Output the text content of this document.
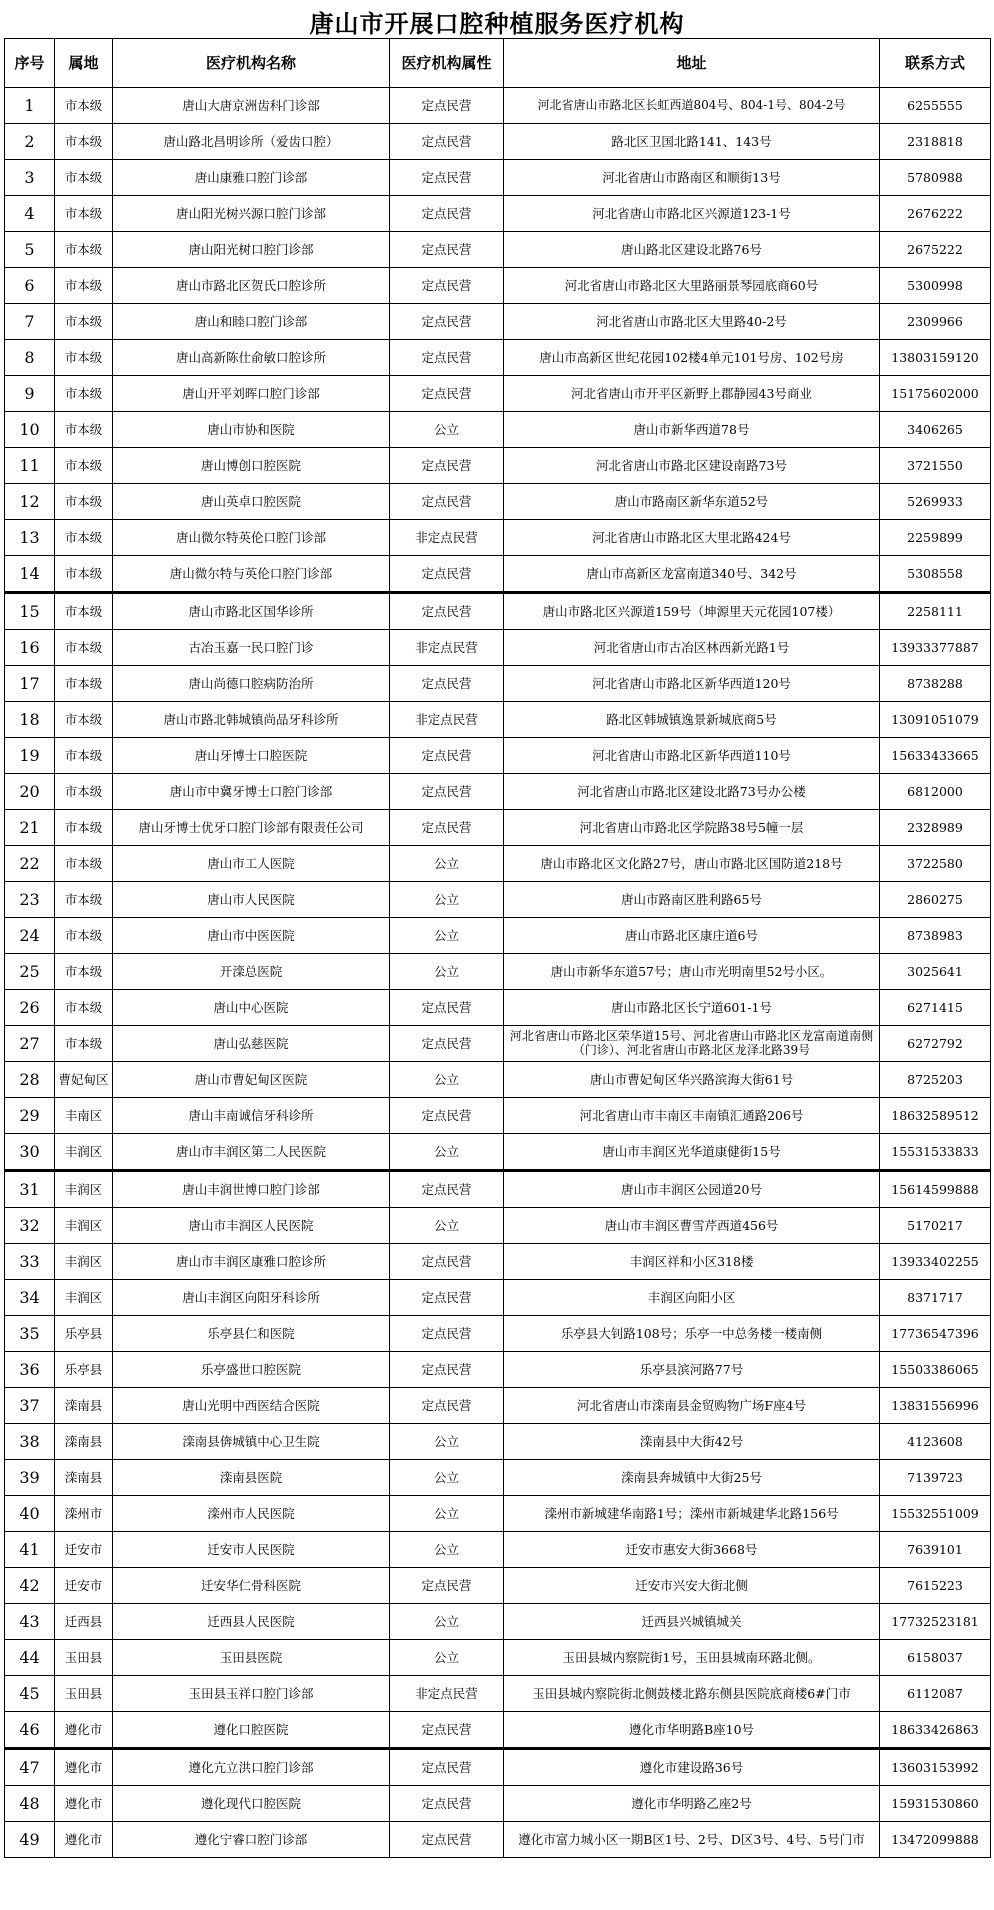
唐山市开展口腔种植服务医疗机构
序号	属地	医疗机构名称	医疗机构属性	地址	联系方式
1	市本级	唐山大唐京洲齿科门诊部	定点民营	河北省唐山市路北区长虹西道804号、804-1号、804-2号	6255555
2	市本级	唐山路北昌明诊所（爱齿口腔）	定点民营	路北区卫国北路141、143号	2318818
3	市本级	唐山康雅口腔门诊部	定点民营	河北省唐山市路南区和顺街13号	5780988
4	市本级	唐山阳光树兴源口腔门诊部	定点民营	河北省唐山市路北区兴源道123-1号	2676222
5	市本级	唐山阳光树口腔门诊部	定点民营	唐山路北区建设北路76号	2675222
6	市本级	唐山市路北区贺氏口腔诊所	定点民营	河北省唐山市路北区大里路丽景琴园底商60号	5300998
7	市本级	唐山和睦口腔门诊部	定点民营	河北省唐山市路北区大里路40-2号	2309966
8	市本级	唐山高新陈仕俞敏口腔诊所	定点民营	唐山市高新区世纪花园102楼4单元101号房、102号房	13803159120
9	市本级	唐山开平刘晖口腔门诊部	定点民营	河北省唐山市开平区新野上郡静园43号商业	15175602000
10	市本级	唐山市协和医院	公立	唐山市新华西道78号	3406265
11	市本级	唐山博创口腔医院	定点民营	河北省唐山市路北区建设南路73号	3721550
12	市本级	唐山英卓口腔医院	定点民营	唐山市路南区新华东道52号	5269933
13	市本级	唐山微尔特英伦口腔门诊部	非定点民营	河北省唐山市路北区大里北路424号	2259899
14	市本级	唐山微尔特与英伦口腔门诊部	定点民营	唐山市高新区龙富南道340号、342号	5308558
15	市本级	唐山市路北区国华诊所	定点民营	唐山市路北区兴源道159号（坤源里天元花园107楼）	2258111
16	市本级	古冶玉嘉一民口腔门诊	非定点民营	河北省唐山市古冶区林西新光路1号	13933377887
17	市本级	唐山尚德口腔病防治所	定点民营	河北省唐山市路北区新华西道120号	8738288
18	市本级	唐山市路北韩城镇尚品牙科诊所	非定点民营	路北区韩城镇逸景新城底商5号	13091051079
19	市本级	唐山牙博士口腔医院	定点民营	河北省唐山市路北区新华西道110号	15633433665
20	市本级	唐山市中冀牙博士口腔门诊部	定点民营	河北省唐山市路北区建设北路73号办公楼	6812000
21	市本级	唐山牙博士优牙口腔门诊部有限责任公司	定点民营	河北省唐山市路北区学院路38号5幢一层	2328989
22	市本级	唐山市工人医院	公立	唐山市路北区文化路27号，唐山市路北区国防道218号	3722580
23	市本级	唐山市人民医院	公立	唐山市路南区胜利路65号	2860275
24	市本级	唐山市中医医院	公立	唐山市路北区康庄道6号	8738983
25	市本级	开滦总医院	公立	唐山市新华东道57号；唐山市光明南里52号小区。	3025641
26	市本级	唐山中心医院	定点民营	唐山市路北区长宁道601-1号	6271415
27	市本级	唐山弘慈医院	定点民营	河北省唐山市路北区荣华道15号、河北省唐山市路北区龙富南道南侧（门诊）、河北省唐山市路北区龙泽北路39号	6272792
28	曹妃甸区	唐山市曹妃甸区医院	公立	唐山市曹妃甸区华兴路滨海大街61号	8725203
29	丰南区	唐山丰南诚信牙科诊所	定点民营	河北省唐山市丰南区丰南镇汇通路206号	18632589512
30	丰润区	唐山市丰润区第二人民医院	公立	唐山市丰润区光华道康健街15号	15531533833
31	丰润区	唐山丰润世博口腔门诊部	定点民营	唐山市丰润区公园道20号	15614599888
32	丰润区	唐山市丰润区人民医院	公立	唐山市丰润区曹雪芹西道456号	5170217
33	丰润区	唐山市丰润区康雅口腔诊所	定点民营	丰润区祥和小区318楼	13933402255
34	丰润区	唐山丰润区向阳牙科诊所	定点民营	丰润区向阳小区	8371717
35	乐亭县	乐亭县仁和医院	定点民营	乐亭县大钊路108号；乐亭一中总务楼一楼南侧	17736547396
36	乐亭县	乐亭盛世口腔医院	定点民营	乐亭县滨河路77号	15503386065
37	滦南县	唐山光明中西医结合医院	定点民营	河北省唐山市滦南县金贸购物广场F座4号	13831556996
38	滦南县	滦南县倴城镇中心卫生院	公立	滦南县中大街42号	4123608
39	滦南县	滦南县医院	公立	滦南县奔城镇中大街25号	7139723
40	滦州市	滦州市人民医院	公立	滦州市新城建华南路1号；滦州市新城建华北路156号	15532551009
41	迁安市	迁安市人民医院	公立	迁安市惠安大街3668号	7639101
42	迁安市	迁安华仁骨科医院	定点民营	迁安市兴安大街北侧	7615223
43	迁西县	迁西县人民医院	公立	迁西县兴城镇城关	17732523181
44	玉田县	玉田县医院	公立	玉田县城内察院街1号，玉田县城南环路北侧。	6158037
45	玉田县	玉田县玉祥口腔门诊部	非定点民营	玉田县城内察院街北侧鼓楼北路东侧县医院底商楼6#门市	6112087
46	遵化市	遵化口腔医院	定点民营	遵化市华明路B座10号	18633426863
47	遵化市	遵化亢立洪口腔门诊部	定点民营	遵化市建设路36号	13603153992
48	遵化市	遵化现代口腔医院	定点民营	遵化市华明路乙座2号	15931530860
49	遵化市	遵化宁睿口腔门诊部	定点民营	遵化市富力城小区一期B区1号、2号、D区3号、4号、5号门市	13472099888
